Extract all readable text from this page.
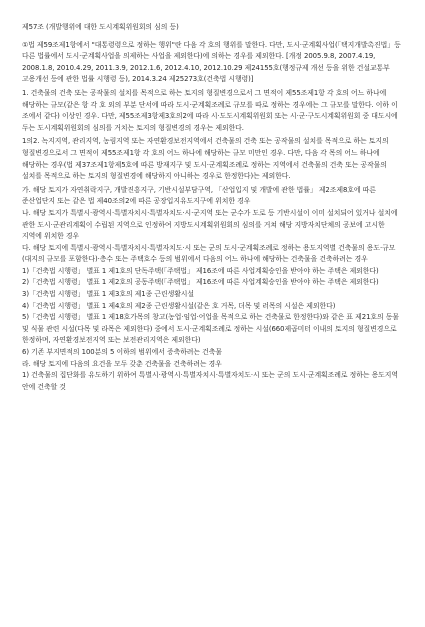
제57조 (개발행위에 대한 도시계획위원회의 심의 등)

①법 제59조제1항에서 "대통령령으로 정하는 행위"란 다음 각 호의 행위를 말한다. 다만, 도시·군계획사업(「택지개발촉진법」등 다른 법률에서 도시·군계획사업을 의제하는 사업을 제외한다)에 의하는 경우를 제외한다. [개정 2005.9.8, 2007.4.19, 2008.1.8, 2010.4.29, 2011.3.9, 2012.1.6, 2012.4.10, 2012.10.29 제24155호(행정규제 개선 등을 위한 건설교통부 고용개선 등에 관한 법률 시행령 등), 2014.3.24 제25273호(건축법 시행령)]

1. 건축물의 건축 또는 공작물의 설치를 목적으로 하는 토지의 형질변경으로서 그 면적이 제55조제1항 각 호의 어느 하나에 해당하는 규모(같은 항 각 호 외의 부분 단서에 따라 도시·군계획조례로 규모를 따로 정하는 경우에는 그 규모를 말한다. 이하 이 조에서 같다) 이상인 경우. 다만, 제55조제3항제3호의2에 따라 시·도도시계획위원회 또는 시·군·구도시계획위원회 중 대도시에 두는 도시계획위원회의 심의를 거치는 토지의 형질변경의 경우는 제외한다.

1의2. 녹지지역, 관리지역, 농림지역 또는 자연환경보전지역에서 건축물의 건축 또는 공작물의 설치를 목적으로 하는 토지의 형질변경으로서 그 면적이 제55조제1항 각 호의 어느 하나에 해당하는 규모 미만인 경우. 다만, 다음 각 목의 어느 하나에 해당하는 경우(법 제37조제1항제5호에 따른 방재지구 및 도시·군계획조례로 정하는 지역에서 건축물의 건축 또는 공작물의 설치를 목적으로 하는 토지의 형질변경에 해당하지 아니하는 경우로 한정한다)는 제외한다.

가. 해당 토지가 자연취락지구, 개발진흥지구, 기반시설부담구역, 「산업입지 및 개발에 관한 법률」 제2조제8호에 따른 준산업단지 또는 같은 법 제40조의2에 따른 공장입지유도지구에 위치한 경우

나. 해당 토지가 특별시·광역시·특별자치시·특별자치도·시·군지역 또는 군수가 도로 등 기반시설이 이미 설치되어 있거나 설치에 관한 도시·군관리계획이 수립된 지역으로 인정하여 지방도시계획위원회의 심의를 거쳐 해당 지방자치단체의 공보에 고시한 지역에 위치한 경우

다. 해당 토지에 특별시·광역시·특별자치시·특별자치도·시 또는 군의 도시·군계획조례로 정하는 용도지역별 건축물의 용도·규모(대지의 규모를 포함한다)·층수 또는 주택호수 등의 범위에서 다음의 어느 하나에 해당하는 건축물을 건축하려는 경우

1)「건축법 시행령」 별표 1 제1호의 단독주택(「주택법」 제16조에 따른 사업계획승인을 받아야 하는 주택은 제외한다)

2)「건축법 시행령」 별표 1 제2호의 공동주택(「주택법」 제16조에 따른 사업계획승인을 받아야 하는 주택은 제외한다)

3)「건축법 시행령」 별표 1 제3호의 제1종 근린생활시설

4)「건축법 시행령」 별표 1 제4호의 제2종 근린생활시설(같은 호 거목, 더목 및 러목의 시설은 제외한다)

5)「건축법 시행령」 별표 1 제18호가목의 창고(농업·임업·어업을 목적으로 하는 건축물로 한정한다)와 같은 표 제21호의 동물 및 식물 관련 시설(다목 및 라목은 제외한다) 중에서 도시·군계획조례로 정하는 시설(660제곱미터 이내의 토지의 형질변경으로 한정하며, 자연환경보전지역 또는 보전관리지역은 제외한다)

6) 기존 부지면적의 100분의 5 이하의 범위에서 증축하려는 건축물

라. 해당 토지에 다음의 요건을 모두 갖춘 건축물을 건축하려는 경우

1) 건축물의 집단화를 유도하기 위하여 특별시·광역시·특별자치시·특별자치도·시 또는 군의 도시·군계획조례로 정하는 용도지역 안에 건축할 것
